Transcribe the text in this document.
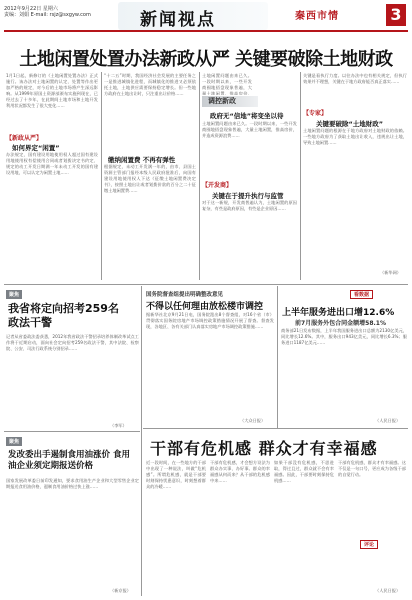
2012年9月22日 星期六
责编：刘娟 E-mail: rsjz@sxgyw.com	新闻视点	秦西市情	3
土地闲置处置办法新政从严 关键要破除土地财政
1月1日起，新修订的《土地闲置处置办法》正式施行。该办法对土地闲置的认定、处置等作出更加严格的规定，对今后的土地市场将产生深远影响。从1999年原国土资源部颁布实施到现在，已经过去了十多年，在此期间土地市场和土地开发利用状况都发生了很大变化……
【新政从严】
如何界定“闲置”
办法规定，国有建设用地使用权人超过国有建设用地使用权有偿使用合同或者划拨决定书约定、规定的动工开发日期满一年未动工开发的国有建设用地，可以认定为闲置土地……
“十二五”时期，我国经济社会发展的主要任务之一是推进城镇化进程，而城镇化的推进又必须依托土地，土地供应需要保持稳定增长。但一些地方政府在土地出让时，只注重出让价格……
缴纳闲置费 不再有弹性
根据规定，未动工开发满一年的，由市、县国土资源主管部门报经本级人民政府批准后，向国有建设用地使用权人下达《征缴土地闲置费决定书》，按照土地出让或者划拨价款的百分之二十征缴土地闲置费……
调控新政
土地闲置问题由来已久。一段时期以来，一些开发商囤地捂盘现象普遍，大量土地闲置，推高房价，
政府无“信地”将变坐以待
土地闲置问题由来已久。一段时期以来，一些开发商囤地捂盘现象普遍，大量土地闲置，推高房价，并造成资源浪费……
【开发商】
关键在于提升执行与监管
对于这一新规，开发商普遍认为，土地闲置的原因复杂，有些是政府原因，有些是企业原因……
关键是看执行力度。以往办法中也有相关规定，但执行效果并不理想，关键在于地方政府能否真正落实……
【专家】
关键要破除“土地财政”
土地闲置问题的根源在于地方政府对土地财政的依赖。一些地方政府为了获取土地出让收入，违规出让土地，导致土地闲置……
（新华网）
聚焦
我省将定向招考259名政法干警
记者从省委政法委获悉，2012年我省政法干警招录培养体制改革试点工作将于近期启动，面向社会定向招考259名政法干警，其中法院、检察院、公安、司法行政系统分别招录……
（李军）
聚焦
发改委出手遏制食用油涨价 食用油企业须定期报送价格
国家发展改革委日前印发通知，要求食用油生产企业和大型零售企业定期报送食用油价格，遏制食用油价格过快上涨……
（新京报）
国务院督查组提出明确整改意见
不得以任何理由放松楼市调控
据新华社北京9月21日电，国务院派出8个督查组，对16个省（市）贯彻落实国务院房地产市场调控政策措施情况开展了督查。督查发现，各地区、各有关部门认真落实房地产市场调控政策措施……
（大众日报）
看数据
上半年服务进出口增12.6%
前7月服务外包合同金额增58.1%
商务部21日发布数据，上半年我国服务进出口总额为2130亿美元，同比增长12.6%。其中，服务出口943亿美元，同比增长6.3%；服务进口1187亿美元……
（人民日报）
干部有危机感 群众才有幸福感
近一段时间，在一些地方的干部中出现了一种说法，叫做“危机感”。所谓危机感，就是干部要时刻保持忧患意识，时刻想着群众的冷暖……
干部有危机感，才会想方设法为群众办实事、办好事。群众的幸福感从何而来？从干部的危机感中来……
如果干部没有危机感，不思进取，得过且过，群众就不会有幸福感。因此，干部要时刻保持危机感……
干部有危机感，群众才有幸福感。这不仅是一句口号，更应成为各级干部的自觉行动。
评论
（人民日报）
